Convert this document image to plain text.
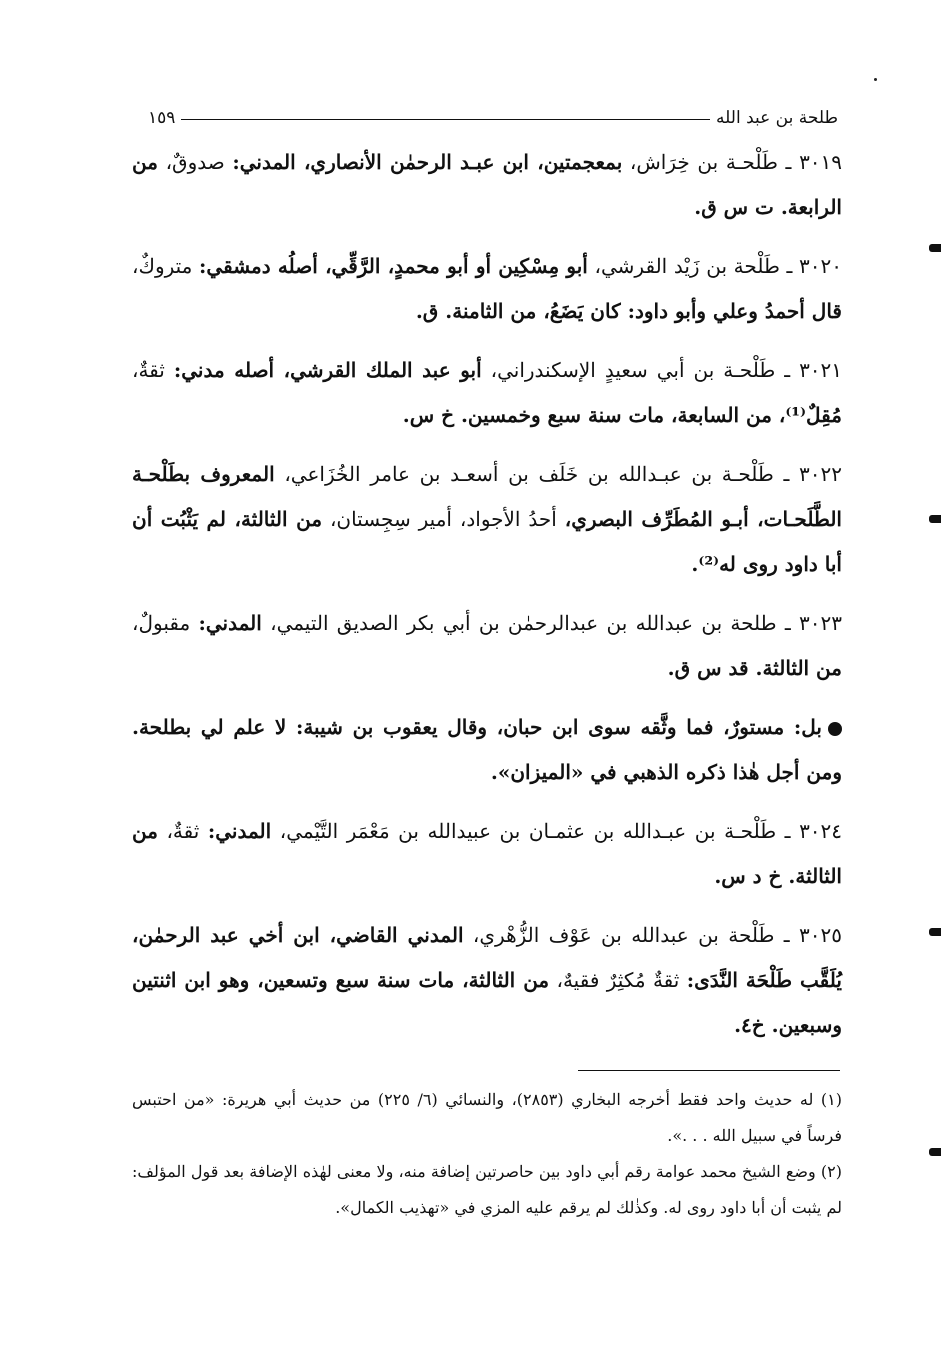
طلحة بن عبد الله
١٥٩

٣٠١٩ ـ طَلْحـة بن خِرَاش، بمعجمتين، ابن عبـد الرحمٰن الأنصاري، المدني: صدوقٌ، من الرابعة. ت س ق.

٣٠٢٠ ـ طَلْحة بن زَيْد القرشي، أبو مِسْكِين أو أبو محمدٍ، الرَّقِّي، أصلُه دمشقي: متروكٌ، قال أحمدُ وعلي وأبو داود: كان يَضَعُ، من الثامنة. ق.

٣٠٢١ ـ طَلْحـة بن أبي سعيدٍ الإسكندراني، أبو عبد الملك القرشي، أصله مدني: ثقةٌ، مُقِلٌ⁽¹⁾، من السابعة، مات سنة سبع وخمسين. خ س.

٣٠٢٢ ـ طَلْحـة بن عبـدالله بن خَلَف بن أسعـد بن عامر الخُزَاعي، المعروف بطَلْحـة الطَّلَحـات، أبـو المُطَرِّف البصري، أحدُ الأجواد، أمير سِجِستان، من الثالثة، لم يَثْبُت أن أبا داود روى له⁽²⁾.

٣٠٢٣ ـ طلحة بن عبدالله بن عبدالرحمٰن بن أبي بكر الصديق التيمي، المدني: مقبولٌ، من الثالثة. قد س ق.

بل: مستورٌ، فما وثَّقه سوى ابن حبان، وقال يعقوب بن شيبة: لا علم لي بطلحة. ومن أجل هٰذا ذكره الذهبي في «الميزان».

٣٠٢٤ ـ طَلْحـة بن عبـدالله بن عثمـان بن عبيدالله بن مَعْمَر التَّيْمي، المدني: ثقةٌ، من الثالثة. خ د س.

٣٠٢٥ ـ طَلْحة بن عبدالله بن عَوْف الزُّهْري، المدني القاضي، ابن أخي عبد الرحمٰن، يُلَقَّب طَلْحَة النَّدَى: ثقةٌ مُكثِرٌ فقيهٌ، من الثالثة، مات سنة سبع وتسعين، وهو ابن اثنتين وسبعين. خ٤.

(١) له حديث واحد فقط أخرجه البخاري (٢٨٥٣)، والنسائي (٦/ ٢٢٥) من حديث أبي هريرة: «من احتبس فرساً في سبيل الله . . .».

(٢) وضع الشيخ محمد عوامة رقم أبي داود بين حاصرتين إضافة منه، ولا معنى لهٰذه الإضافة بعد قول المؤلف: لم يثبت أن أبا داود روى له. وكذٰلك لم يرقم عليه المزي في «تهذيب الكمال».
